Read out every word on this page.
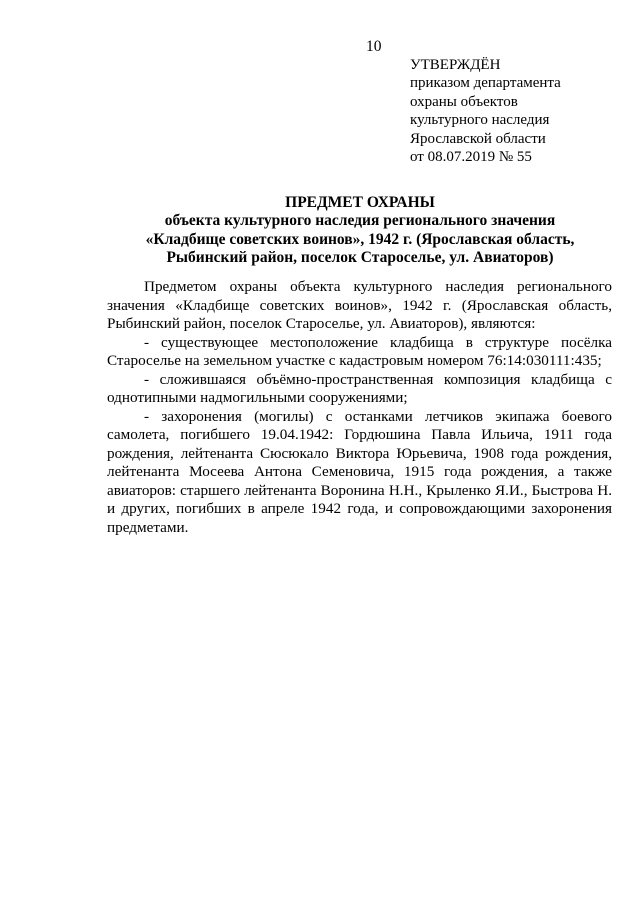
10
УТВЕРЖДЁН
приказом департамента
охраны объектов
культурного наследия
Ярославской области
от 08.07.2019 № 55
ПРЕДМЕТ ОХРАНЫ
объекта культурного наследия регионального значения
«Кладбище советских воинов», 1942 г. (Ярославская область,
Рыбинский район, поселок Староселье, ул. Авиаторов)

Предметом охраны объекта культурного наследия регионального значения «Кладбище советских воинов», 1942 г. (Ярославская область, Рыбинский район, поселок Староселье, ул. Авиаторов), являются:

- существующее местоположение кладбища в структуре посёлка Староселье на земельном участке с кадастровым номером 76:14:030111:435;

- сложившаяся объёмно-пространственная композиция кладбища с однотипными надмогильными сооружениями;

- захоронения (могилы) с останками летчиков экипажа боевого самолета, погибшего 19.04.1942: Гордюшина Павла Ильича, 1911 года рождения, лейтенанта Сюсюкало Виктора Юрьевича, 1908 года рождения, лейтенанта Мосеева Антона Семеновича, 1915 года рождения, а также авиаторов: старшего лейтенанта Воронина Н.Н., Крыленко Я.И., Быстрова Н. и других, погибших в апреле 1942 года, и сопровождающими захоронения предметами.
